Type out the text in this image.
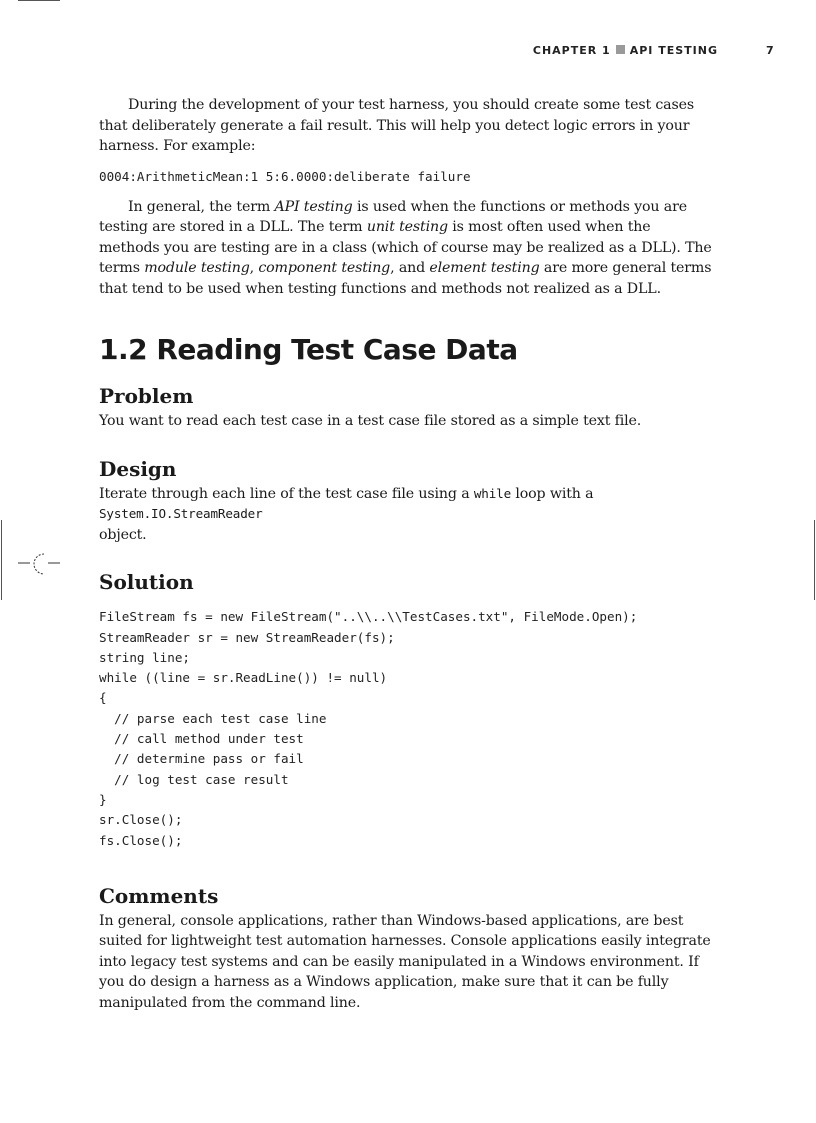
CHAPTER 1 API TESTING	7

During the development of your test harness, you should create some test cases that deliberately generate a fail result. This will help you detect logic errors in your harness. For example:

0004:ArithmeticMean:1 5:6.0000:deliberate failure

In general, the term API testing is used when the functions or methods you are testing are stored in a DLL. The term unit testing is most often used when the methods you are testing are in a class (which of course may be realized as a DLL). The terms module testing, component testing, and element testing are more general terms that tend to be used when testing functions and methods not realized as a DLL.

1.2 Reading Test Case Data
Problem

You want to read each test case in a test case file stored as a simple text file.

Design

Iterate through each line of the test case file using a while loop with a System.IO.StreamReader
object.

Solution

FileStream fs = new FileStream("..\\..\\TestCases.txt", FileMode.Open);

StreamReader sr = new StreamReader(fs);

string line;

while ((line = sr.ReadLine()) != null)

{

// parse each test case line

// call method under test

// determine pass or fail

// log test case result

}

sr.Close();

fs.Close();

Comments

In general, console applications, rather than Windows-based applications, are best suited for lightweight test automation harnesses. Console applications easily integrate into legacy test systems and can be easily manipulated in a Windows environment. If you do design a harness as a Windows application, make sure that it can be fully manipulated from the command line.
